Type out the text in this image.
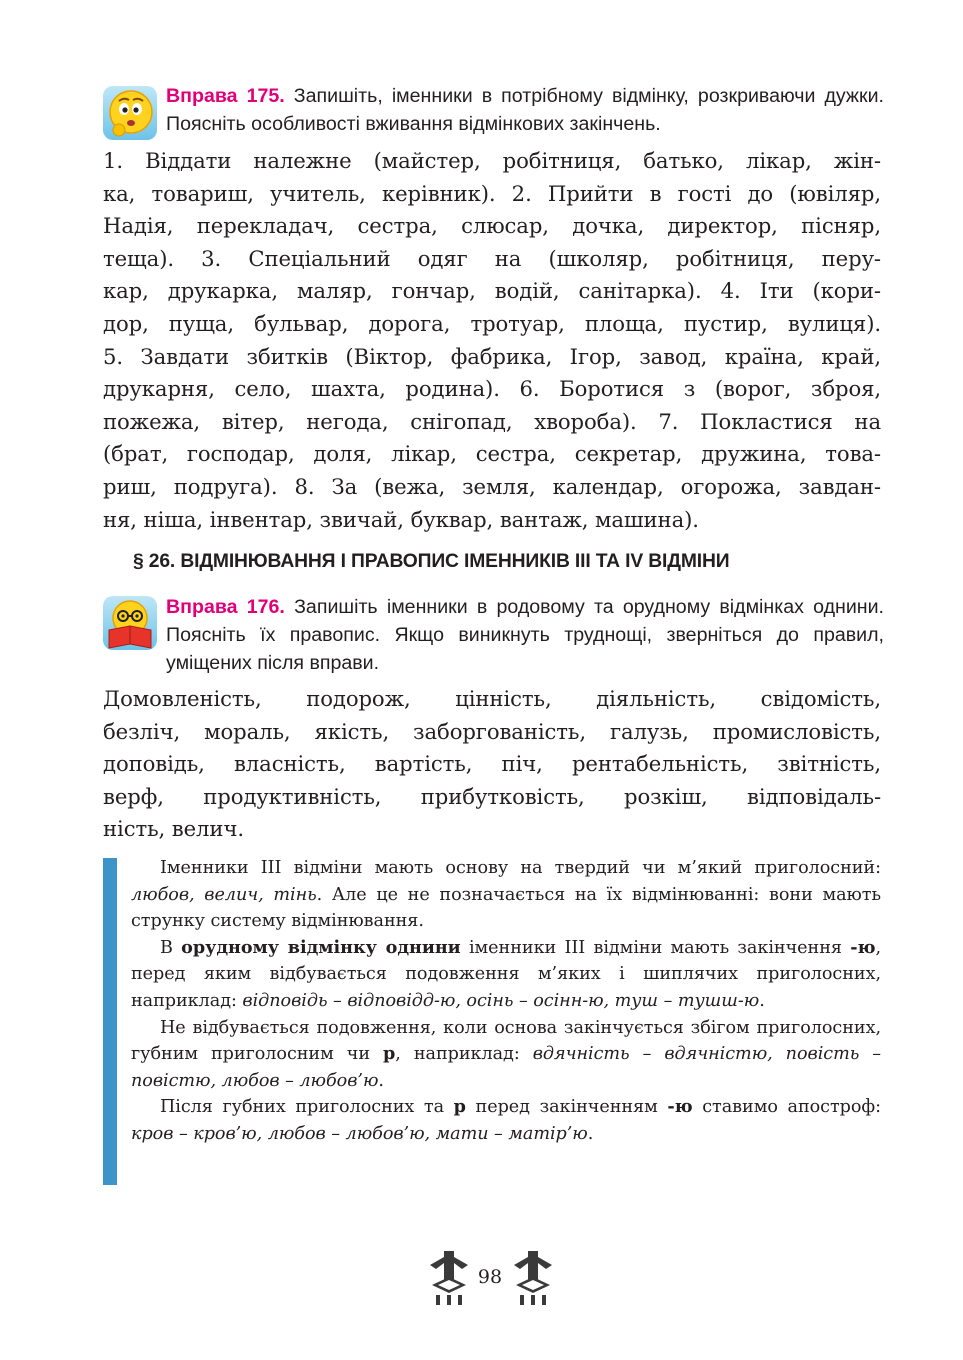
Вправа 175. Запишіть, іменники в потрібному відмінку, розкриваючи дужки. Поясніть особливості вживання відмінкових закінчень.
1. Віддати належне (майстер, робітниця, батько, лікар, жін-
ка, товариш, учитель, керівник). 2. Прийти в гості до (ювіляр,
Надія, перекладач, сестра, слюсар, дочка, директор, пісняр,
теща). 3. Спеціальний одяг на (школяр, робітниця, перу-
кар, друкарка, маляр, гончар, водій, санітарка). 4. Іти (кори-
дор, пуща, бульвар, дорога, тротуар, площа, пустир, вулиця).
5. Завдати збитків (Віктор, фабрика, Ігор, завод, країна, край,
друкарня, село, шахта, родина). 6. Боротися з (ворог, зброя,
пожежа, вітер, негода, снігопад, хвороба). 7. Покластися на
(брат, господар, доля, лікар, сестра, секретар, дружина, това-
риш, подруга). 8. За (вежа, земля, календар, огорожа, завдан-
ня, ніша, інвентар, звичай, буквар, вантаж, машина).
§ 26. ВІДМІНЮВАННЯ І ПРАВОПИС ІМЕННИКІВ ІІІ ТА IV ВІДМІНИ
Вправа 176. Запишіть іменники в родовому та орудному відмінках однини. Поясніть їх правопис. Якщо виникнуть труднощі, зверніться до правил, уміщених після вправи.
Домовленість, подорож, цінність, діяльність, свідомість,
безліч, мораль, якість, заборгованість, галузь, промисловість,
доповідь, власність, вартість, піч, рентабельність, звітність,
верф, продуктивність, прибутковість, розкіш, відповідаль-
ність, велич.

Іменники ІІІ відміни мають основу на твердий чи м’який приголосний: любов, велич, тінь. Але це не позначається на їх відмінюванні: вони мають струнку систему відмінювання.

В орудному відмінку однини іменники ІІІ відміни мають закінчення -ю, перед яким відбувається подовження м’яких і шиплячих приголосних, наприклад: відповідь – відповідд-ю, осінь – осінн-ю, туш – тушш-ю.

Не відбувається подовження, коли основа закінчується збігом приголосних, губним приголосним чи р, наприклад: вдячність – вдячністю, повість – повістю, любов – любов’ю.

Після губних приголосних та р перед закінченням -ю ставимо апостроф: кров – кров’ю, любов – любов’ю, мати – матір’ю.

98
